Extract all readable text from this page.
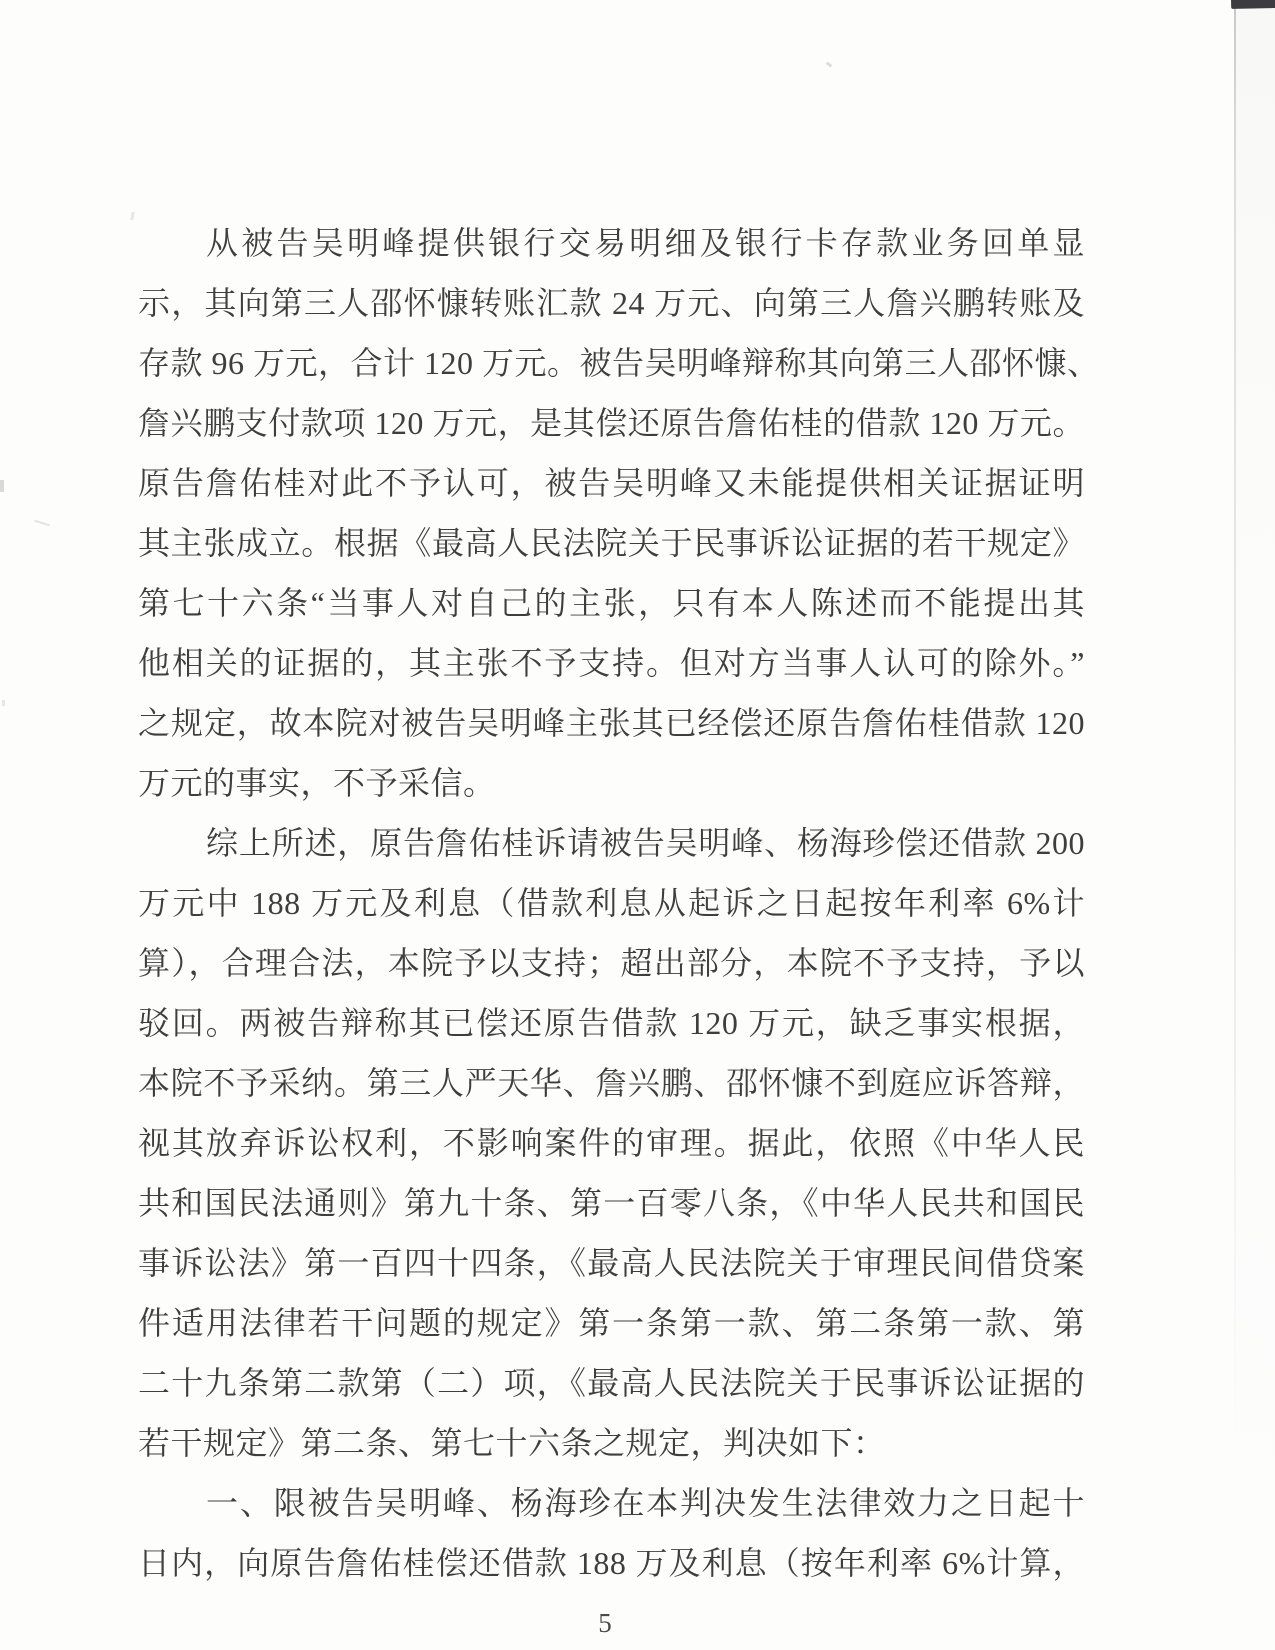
从被告吴明峰提供银行交易明细及银行卡存款业务回单显
示，其向第三人邵怀慷转账汇款 24 万元、向第三人詹兴鹏转账及
存款 96 万元，合计 120 万元。被告吴明峰辩称其向第三人邵怀慷、
詹兴鹏支付款项 120 万元，是其偿还原告詹佑桂的借款 120 万元。
原告詹佑桂对此不予认可，被告吴明峰又未能提供相关证据证明
其主张成立。根据《最高人民法院关于民事诉讼证据的若干规定》
第七十六条“当事人对自己的主张，只有本人陈述而不能提出其
他相关的证据的，其主张不予支持。但对方当事人认可的除外。”
之规定，故本院对被告吴明峰主张其已经偿还原告詹佑桂借款 120
万元的事实，不予采信。
综上所述，原告詹佑桂诉请被告吴明峰、杨海珍偿还借款 200
万元中 188 万元及利息（借款利息从起诉之日起按年利率 6%计
算），合理合法，本院予以支持；超出部分，本院不予支持，予以
驳回。两被告辩称其已偿还原告借款 120 万元，缺乏事实根据，
本院不予采纳。第三人严天华、詹兴鹏、邵怀慷不到庭应诉答辩，
视其放弃诉讼权利，不影响案件的审理。据此，依照《中华人民
共和国民法通则》第九十条、第一百零八条，《中华人民共和国民
事诉讼法》第一百四十四条，《最高人民法院关于审理民间借贷案
件适用法律若干问题的规定》第一条第一款、第二条第一款、第
二十九条第二款第（二）项，《最高人民法院关于民事诉讼证据的
若干规定》第二条、第七十六条之规定，判决如下：
一、限被告吴明峰、杨海珍在本判决发生法律效力之日起十
日内，向原告詹佑桂偿还借款 188 万及利息（按年利率 6%计算，
5
